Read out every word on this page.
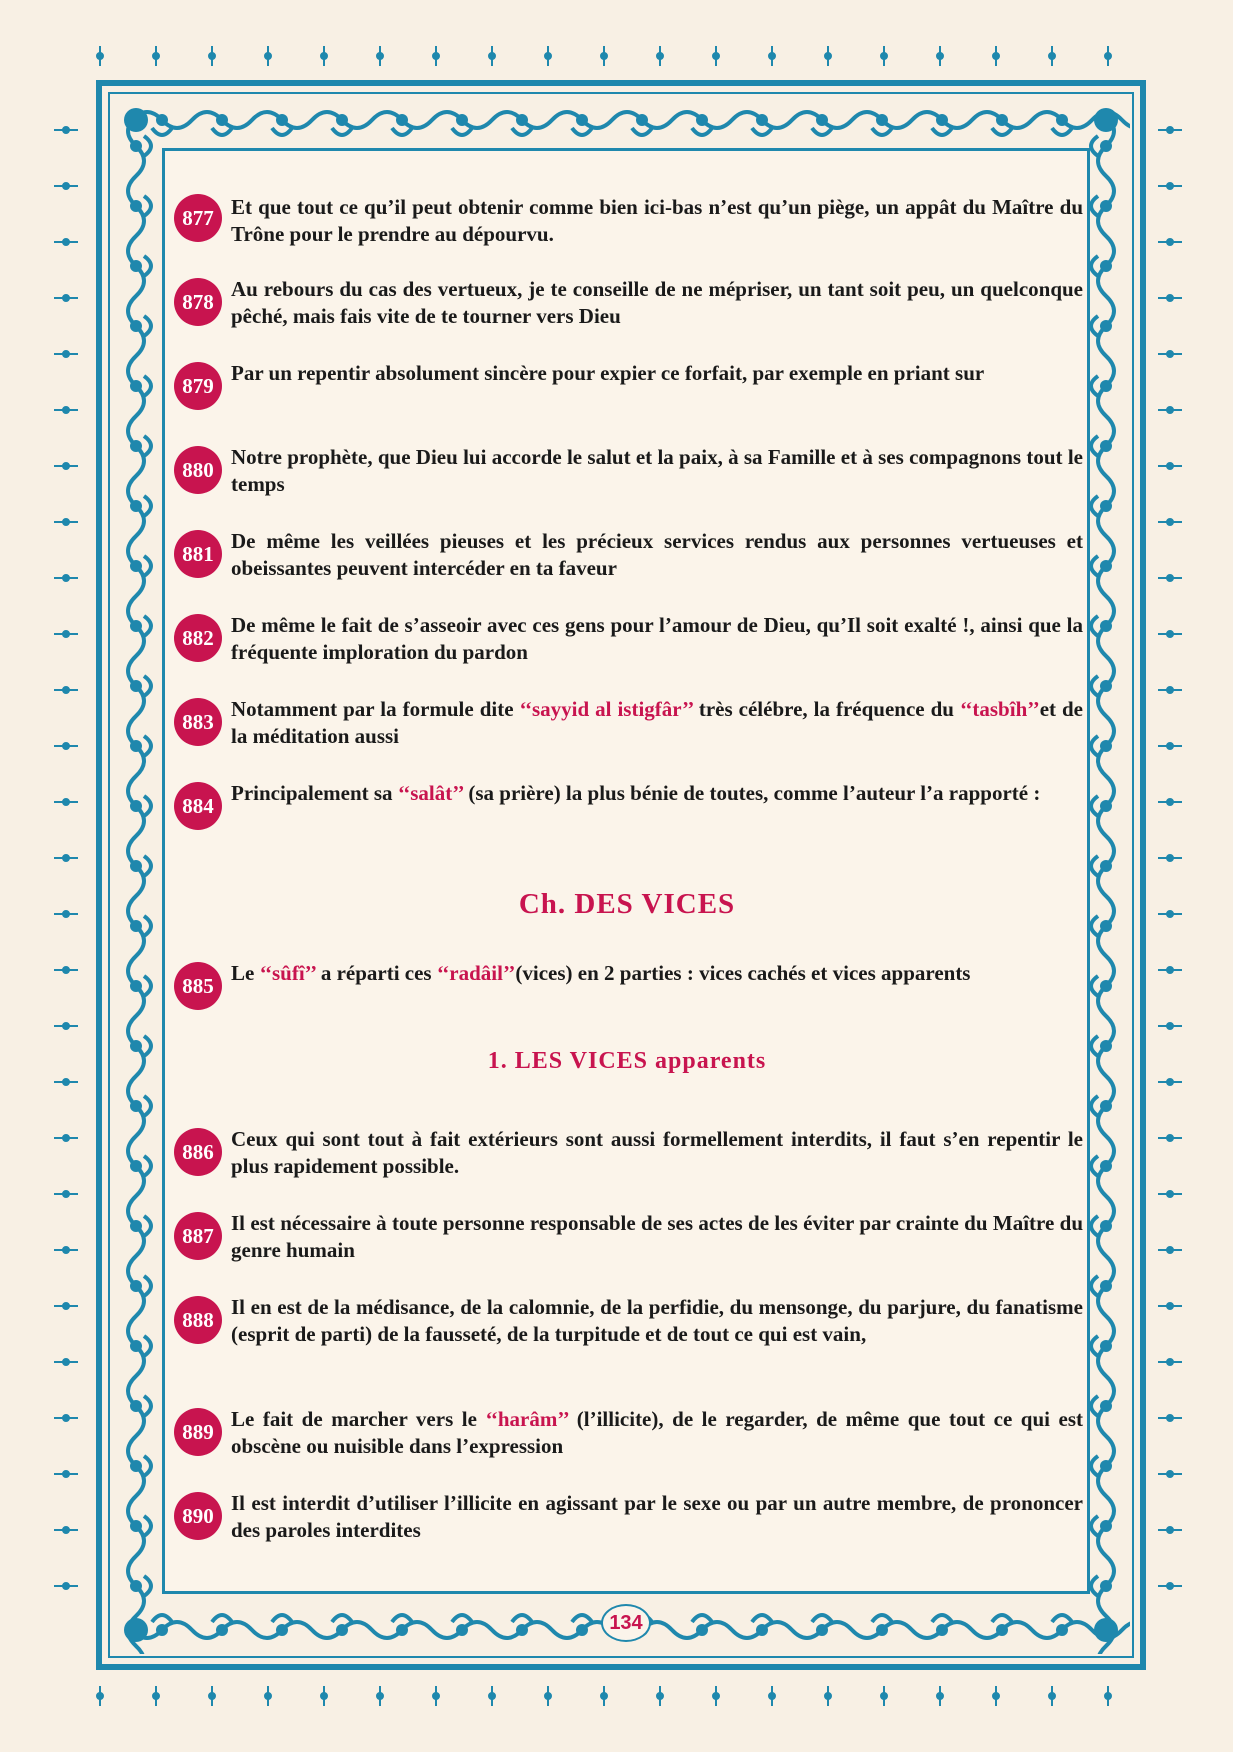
877 Et que tout ce qu’il peut obtenir comme bien ici-bas n’est qu’un piège, un appât du Maître du Trône pour le prendre au dépourvu.
878
Au rebours du cas des vertueux, je te conseille de ne mépriser, un tant soit peu, un quelconque pêché, mais fais vite de te tourner vers Dieu
879
Par un repentir absolument sincère pour expier ce forfait, par exemple en priant sur
880
Notre prophète, que Dieu lui accorde le salut et la paix, à sa Famille et à ses compagnons tout le temps
881
De même les veillées pieuses et les précieux services rendus aux personnes vertueuses et obeissantes peuvent intercéder en ta faveur
882
De même le fait de s’asseoir avec ces gens pour l’amour de Dieu, qu’Il soit exalté !, ainsi que la fréquente imploration du pardon
883
Notamment par la formule dite ‘‘sayyid al istigfâr’’ très célébre, la fréquence du ‘‘tasbîh’’et de la méditation aussi
884
Principalement sa ‘‘salât’’ (sa prière) la plus bénie de toutes, comme l’auteur l’a rapporté :
Ch. DES VICES
885
Le ‘‘sûfî’’ a réparti ces ‘‘radâil’’(vices) en 2 parties : vices cachés et vices apparents
1. LES VICES apparents
886
Ceux qui sont tout à fait extérieurs sont aussi formellement interdits, il faut s’en repentir le plus rapidement possible.
887
Il est nécessaire à toute personne responsable de ses actes de les éviter par crainte du Maître du genre humain
888
Il en est de la médisance, de la calomnie, de la perfidie, du mensonge, du parjure, du fanatisme (esprit de parti) de la fausseté, de la turpitude et de tout ce qui est vain,
889
Le fait de marcher vers le ‘‘harâm’’ (l’illicite), de le regarder, de même que tout ce qui est obscène ou nuisible dans l’expression
890
Il est interdit d’utiliser l’illicite en agissant par le sexe ou par un autre membre, de prononcer des paroles interdites
134
